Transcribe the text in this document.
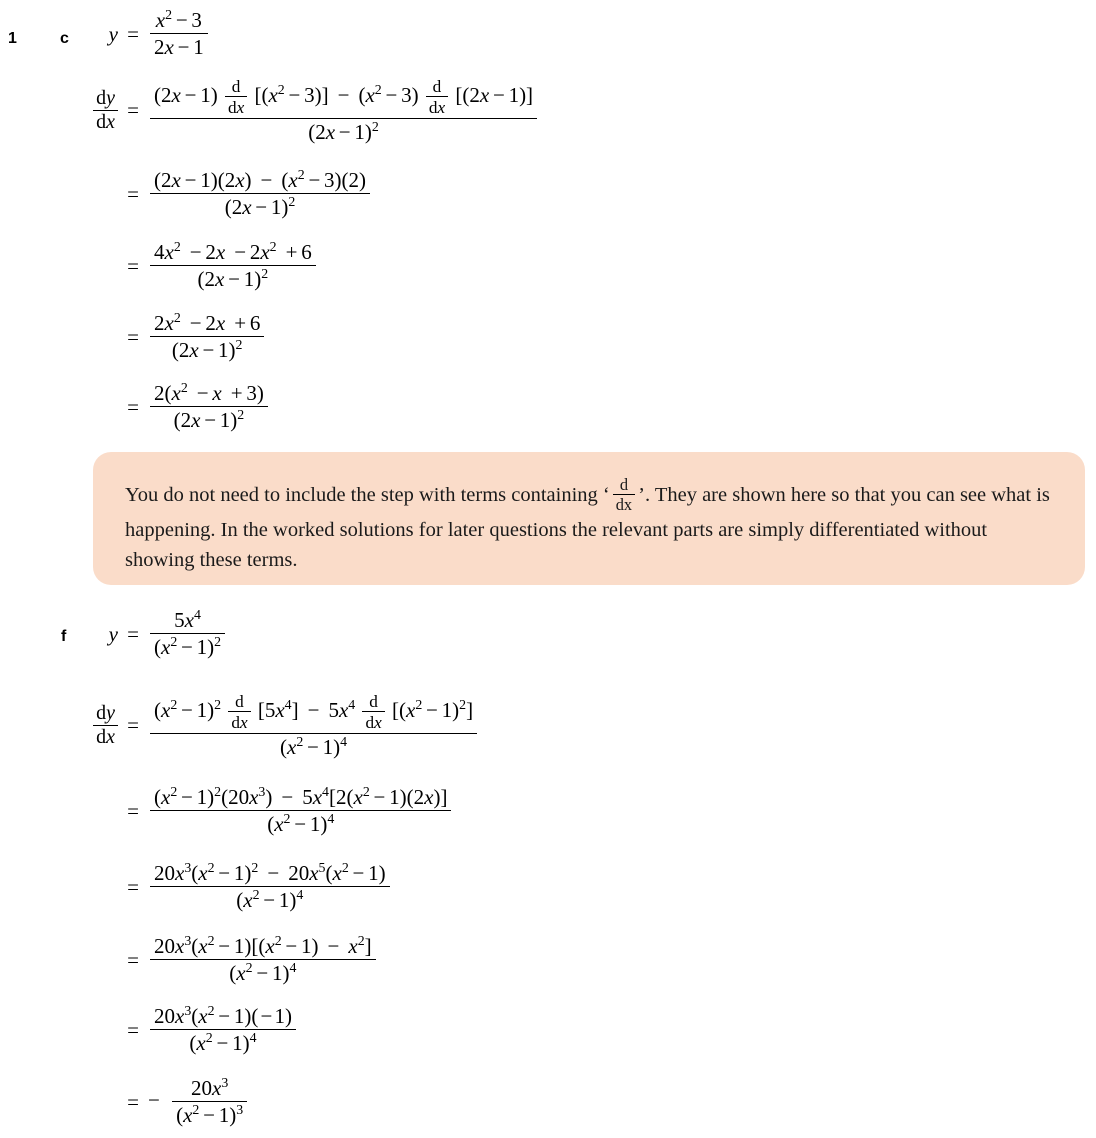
1	c	$y = \frac{x^2 - 3}{2x - 1}$
$\frac{dy}{dx}$ =
$(2x - 1) \frac{d}{dx} [(x^2 - 3)] - (x^2 - 3) \frac{d}{dx} [(2x - 1)]$
$(2x - 1)^2$
= $\frac{(2x - 1)(2x) - (x^2 - 3)(2)}{(2x - 1)^2}$
= $\frac{4x^2 - 2x - 2x^2 + 6}{(2x - 1)^2}$
= $\frac{2x^2 - 2x + 6}{(2x - 1)^2}$
= $\frac{2(x^2 - x + 3)}{(2x - 1)^2}$

You do not need to include the step with terms containing ‘ $\frac{d}{dx}$ ’. They are shown here so that you can see what is happening. In the worked solutions for later questions the relevant parts are simply differentiated without showing these terms.

f	$y = \frac{5x^4}{(x^2 - 1)^2}$
$\frac{dy}{dx}$ =
$(x^2 - 1)^2 \frac{d}{dx} [5x^4] - 5x^4 \frac{d}{dx} [(x^2 - 1)^2]$
$(x^2 - 1)^4$
= $\frac{(x^2 - 1)^2(20x^3) - 5x^4[2(x^2 - 1)(2x)]}{(x^2 - 1)^4}$
= $\frac{20x^3(x^2 - 1)^2 - 20x^5(x^2 - 1)}{(x^2 - 1)^4}$
= $\frac{20x^3(x^2 - 1)[(x^2 - 1) - x^2]}{(x^2 - 1)^4}$
= $\frac{20x^3(x^2 - 1)(-1)}{(x^2 - 1)^4}$
= − $\frac{20x^3}{(x^2 - 1)^3}$
